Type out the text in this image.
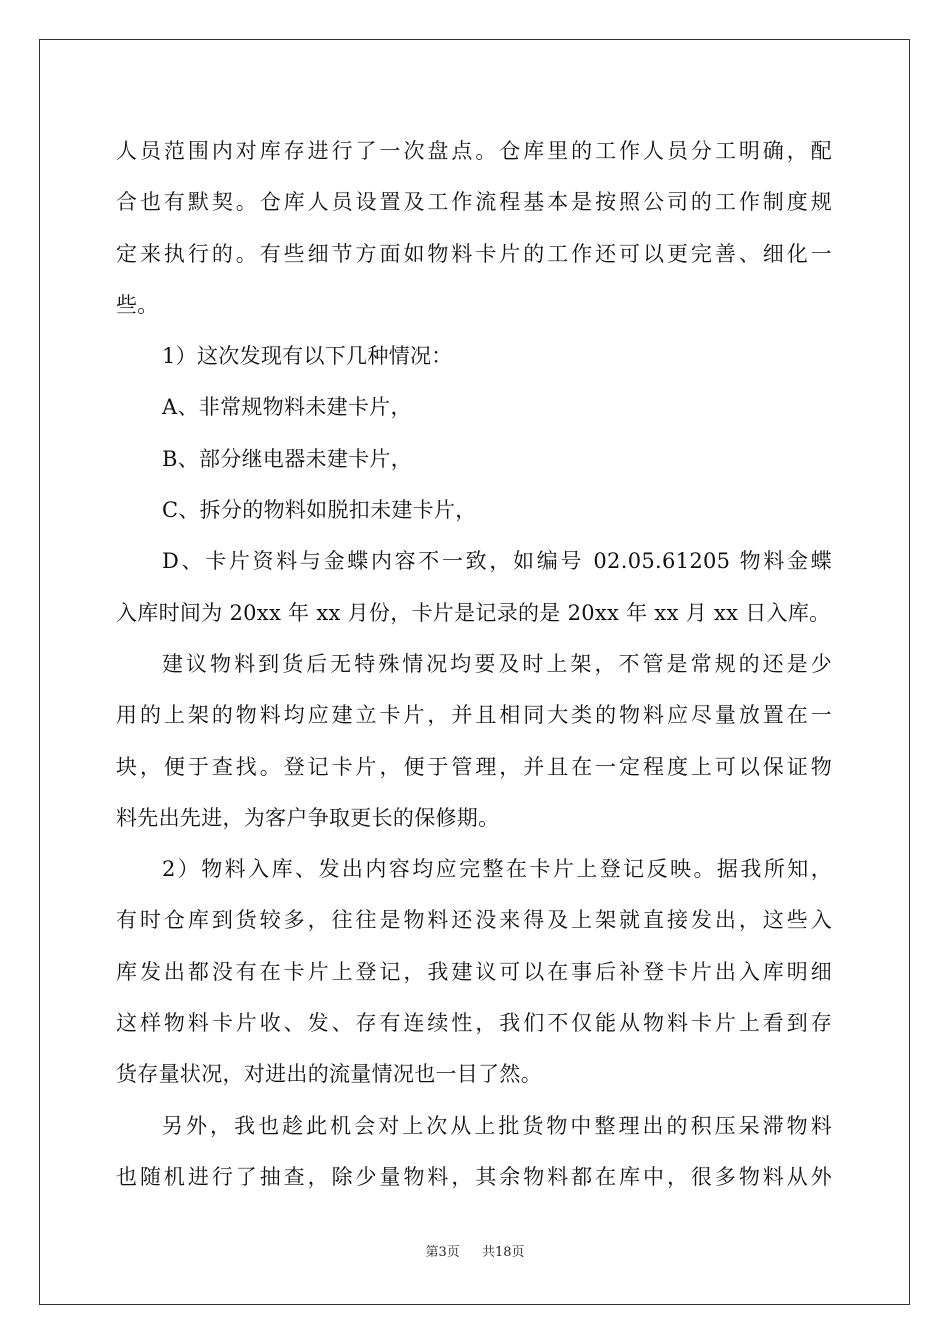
人员范围内对库存进行了一次盘点。仓库里的工作人员分工明确，配
合也有默契。仓库人员设置及工作流程基本是按照公司的工作制度规
定来执行的。有些细节方面如物料卡片的工作还可以更完善、细化一
些。
1）这次发现有以下几种情况：
A、非常规物料未建卡片，
B、部分继电器未建卡片，
C、拆分的物料如脱扣未建卡片，
D、卡片资料与金蝶内容不一致，如编号 02.05.61205 物料金蝶
入库时间为 20xx 年 xx 月份，卡片是记录的是 20xx 年 xx 月 xx 日入库。
建议物料到货后无特殊情况均要及时上架，不管是常规的还是少
用的上架的物料均应建立卡片，并且相同大类的物料应尽量放置在一
块，便于查找。登记卡片，便于管理，并且在一定程度上可以保证物
料先出先进，为客户争取更长的保修期。
2）物料入库、发出内容均应完整在卡片上登记反映。据我所知，
有时仓库到货较多，往往是物料还没来得及上架就直接发出，这些入
库发出都没有在卡片上登记，我建议可以在事后补登卡片出入库明细
这样物料卡片收、发、存有连续性，我们不仅能从物料卡片上看到存
货存量状况，对进出的流量情况也一目了然。
另外，我也趁此机会对上次从上批货物中整理出的积压呆滞物料
也随机进行了抽查，除少量物料，其余物料都在库中，很多物料从外
第3页 共18页
